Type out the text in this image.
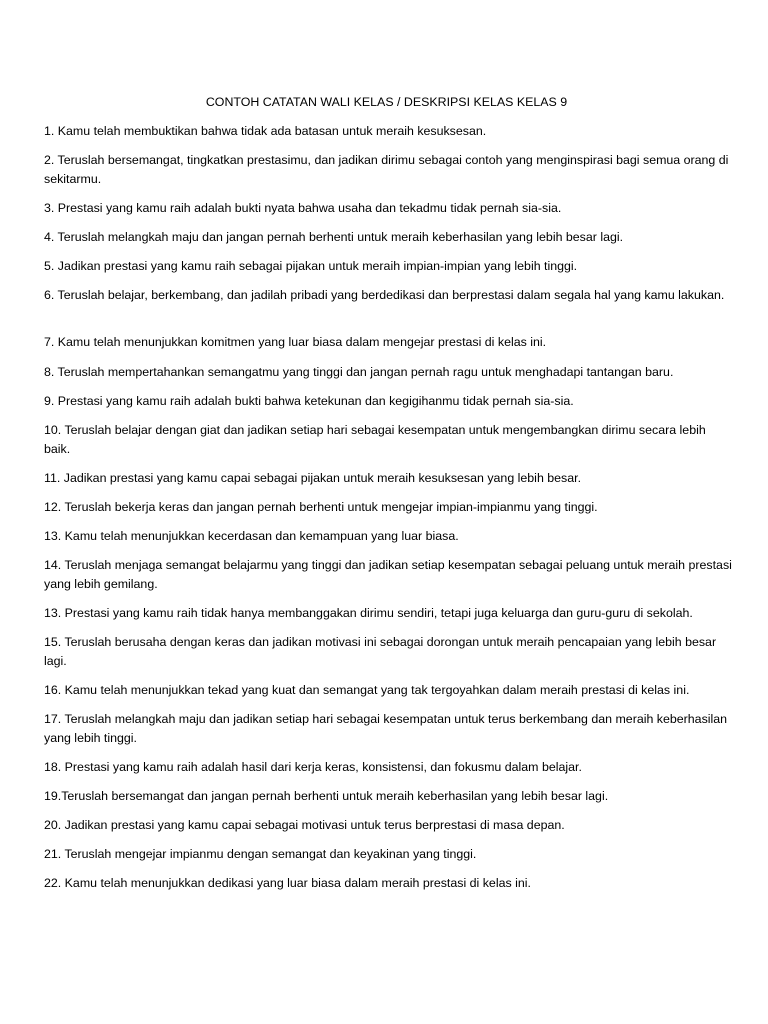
CONTOH CATATAN WALI KELAS / DESKRIPSI KELAS KELAS 9

1. Kamu telah membuktikan bahwa tidak ada batasan untuk meraih kesuksesan.

2. Teruslah bersemangat, tingkatkan prestasimu, dan jadikan dirimu sebagai contoh yang menginspirasi bagi semua orang di sekitarmu.

3. Prestasi yang kamu raih adalah bukti nyata bahwa usaha dan tekadmu tidak pernah sia-sia.

4. Teruslah melangkah maju dan jangan pernah berhenti untuk meraih keberhasilan yang lebih besar lagi.

5. Jadikan prestasi yang kamu raih sebagai pijakan untuk meraih impian-impian yang lebih tinggi.

6. Teruslah belajar, berkembang, dan jadilah pribadi yang berdedikasi dan berprestasi dalam segala hal yang kamu lakukan.

7. Kamu telah menunjukkan komitmen yang luar biasa dalam mengejar prestasi di kelas ini.

8. Teruslah mempertahankan semangatmu yang tinggi dan jangan pernah ragu untuk menghadapi tantangan baru.

9. Prestasi yang kamu raih adalah bukti bahwa ketekunan dan kegigihanmu tidak pernah sia-sia.

10. Teruslah belajar dengan giat dan jadikan setiap hari sebagai kesempatan untuk mengembangkan dirimu secara lebih baik.

11. Jadikan prestasi yang kamu capai sebagai pijakan untuk meraih kesuksesan yang lebih besar.

12. Teruslah bekerja keras dan jangan pernah berhenti untuk mengejar impian-impianmu yang tinggi.

13. Kamu telah menunjukkan kecerdasan dan kemampuan yang luar biasa.

14. Teruslah menjaga semangat belajarmu yang tinggi dan jadikan setiap kesempatan sebagai peluang untuk meraih prestasi yang lebih gemilang.

13. Prestasi yang kamu raih tidak hanya membanggakan dirimu sendiri, tetapi juga keluarga dan guru-guru di sekolah.

15. Teruslah berusaha dengan keras dan jadikan motivasi ini sebagai dorongan untuk meraih pencapaian yang lebih besar lagi.

16. Kamu telah menunjukkan tekad yang kuat dan semangat yang tak tergoyahkan dalam meraih prestasi di kelas ini.

17. Teruslah melangkah maju dan jadikan setiap hari sebagai kesempatan untuk terus berkembang dan meraih keberhasilan yang lebih tinggi.

18. Prestasi yang kamu raih adalah hasil dari kerja keras, konsistensi, dan fokusmu dalam belajar.

19.Teruslah bersemangat dan jangan pernah berhenti untuk meraih keberhasilan yang lebih besar lagi.

20. Jadikan prestasi yang kamu capai sebagai motivasi untuk terus berprestasi di masa depan.

21. Teruslah mengejar impianmu dengan semangat dan keyakinan yang tinggi.

22. Kamu telah menunjukkan dedikasi yang luar biasa dalam meraih prestasi di kelas ini.
